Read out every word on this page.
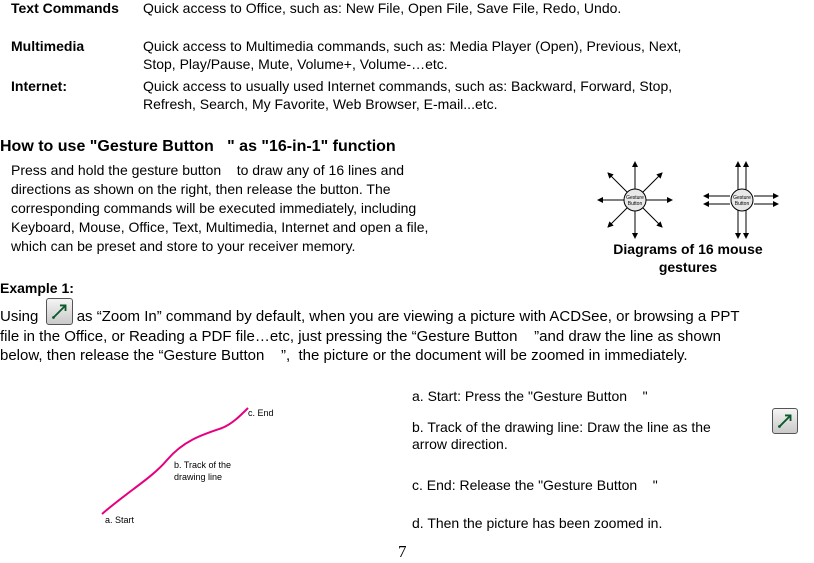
Text Commands Quick access to Office, such as: New File, Open File, Save File, Redo, Undo.
Multimedia	Quick access to Multimedia commands, such as: Media Player (Open), Previous, Next,
Stop, Play/Pause, Mute, Volume+, Volume-…etc.
Internet:	Quick access to usually used Internet commands, such as: Backward, Forward, Stop,
Refresh, Search, My Favorite, Web Browser, E-mail...etc.
How to use "Gesture Button   " as "16-in-1" function
Press and hold the gesture button    to draw any of 16 lines and
directions as shown on the right, then release the button. The
corresponding commands will be executed immediately, including
Keyboard, Mouse, Office, Text, Multimedia, Internet and open a file,
which can be preset and store to your receiver memory.
Gesture
Button
Gesture
Button
Diagrams of 16 mouse gestures
Example 1:
Using	as “Zoom In” command by default, when you are viewing a picture with ACDSee, or browsing a PPT
file in the Office, or Reading a PDF file…etc, just pressing the “Gesture Button    ”and draw the line as shown
below, then release the “Gesture Button    ”,  the picture or the document will be zoomed in immediately.
c. End
b. Track of the
drawing line
a. Start
a. Start: Press the "Gesture Button    "
b. Track of the drawing line: Draw the line as the
arrow direction.
c. End: Release the "Gesture Button    "
d. Then the picture has been zoomed in.
7
